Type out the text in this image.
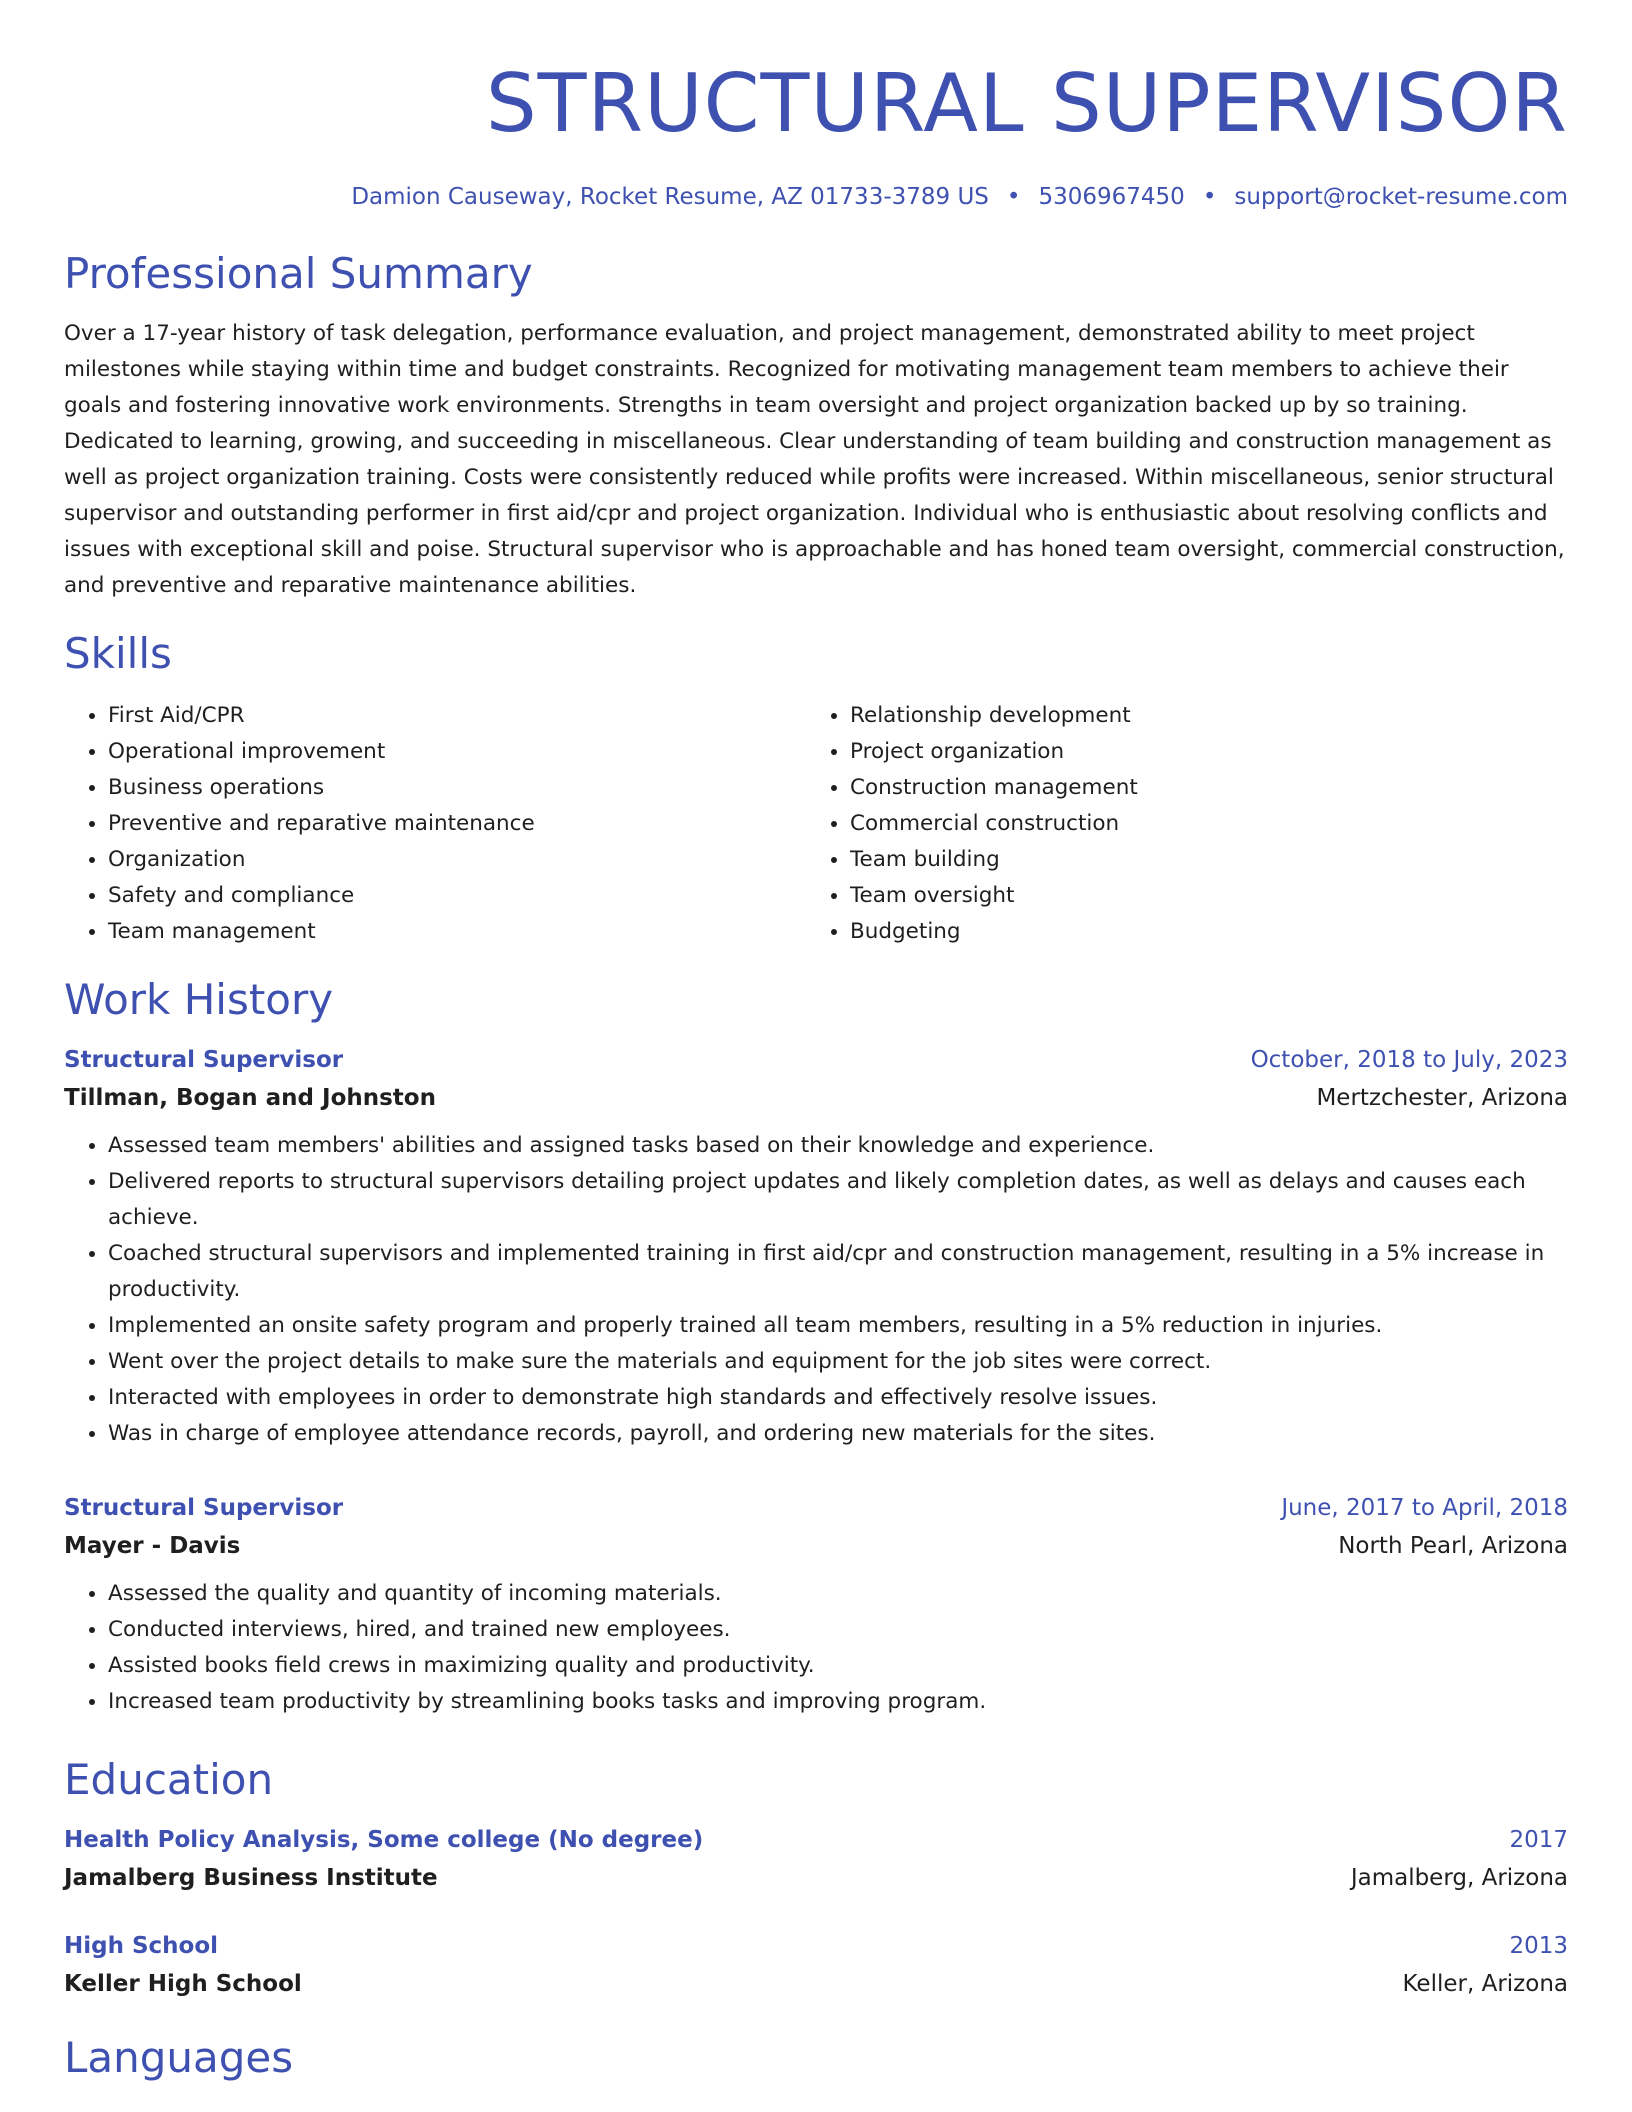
STRUCTURAL SUPERVISOR
Damion Causeway, Rocket Resume, AZ 01733-3789 US • 5306967450 • support@rocket-resume.com
Professional Summary

Over a 17-year history of task delegation, performance evaluation, and project management, demonstrated ability to meet project milestones while staying within time and budget constraints. Recognized for motivating management team members to achieve their goals and fostering innovative work environments. Strengths in team oversight and project organization backed up by so training. Dedicated to learning, growing, and succeeding in miscellaneous. Clear understanding of team building and construction management as well as project organization training. Costs were consistently reduced while profits were increased. Within miscellaneous, senior structural supervisor and outstanding performer in first aid/cpr and project organization. Individual who is enthusiastic about resolving conflicts and issues with exceptional skill and poise. Structural supervisor who is approachable and has honed team oversight, commercial construction, and preventive and reparative maintenance abilities.

Skills
• First Aid/CPR
• Operational improvement
• Business operations
• Preventive and reparative maintenance
• Organization
• Safety and compliance
• Team management
• Relationship development
• Project organization
• Construction management
• Commercial construction
• Team building
• Team oversight
• Budgeting
Work History
Structural Supervisor	October, 2018 to July, 2023
Tillman, Bogan and Johnston	Mertzchester, Arizona
• Assessed team members' abilities and assigned tasks based on their knowledge and experience.
• Delivered reports to structural supervisors detailing project updates and likely completion dates, as well as delays and causes each achieve.
• Coached structural supervisors and implemented training in first aid/cpr and construction management, resulting in a 5% increase in productivity.
• Implemented an onsite safety program and properly trained all team members, resulting in a 5% reduction in injuries.
• Went over the project details to make sure the materials and equipment for the job sites were correct.
• Interacted with employees in order to demonstrate high standards and effectively resolve issues.
• Was in charge of employee attendance records, payroll, and ordering new materials for the sites.
Structural Supervisor	June, 2017 to April, 2018
Mayer - Davis	North Pearl, Arizona
• Assessed the quality and quantity of incoming materials.
• Conducted interviews, hired, and trained new employees.
• Assisted books field crews in maximizing quality and productivity.
• Increased team productivity by streamlining books tasks and improving program.
Education
Health Policy Analysis, Some college (No degree)	2017
Jamalberg Business Institute	Jamalberg, Arizona
High School	2013
Keller High School	Keller, Arizona
Languages
